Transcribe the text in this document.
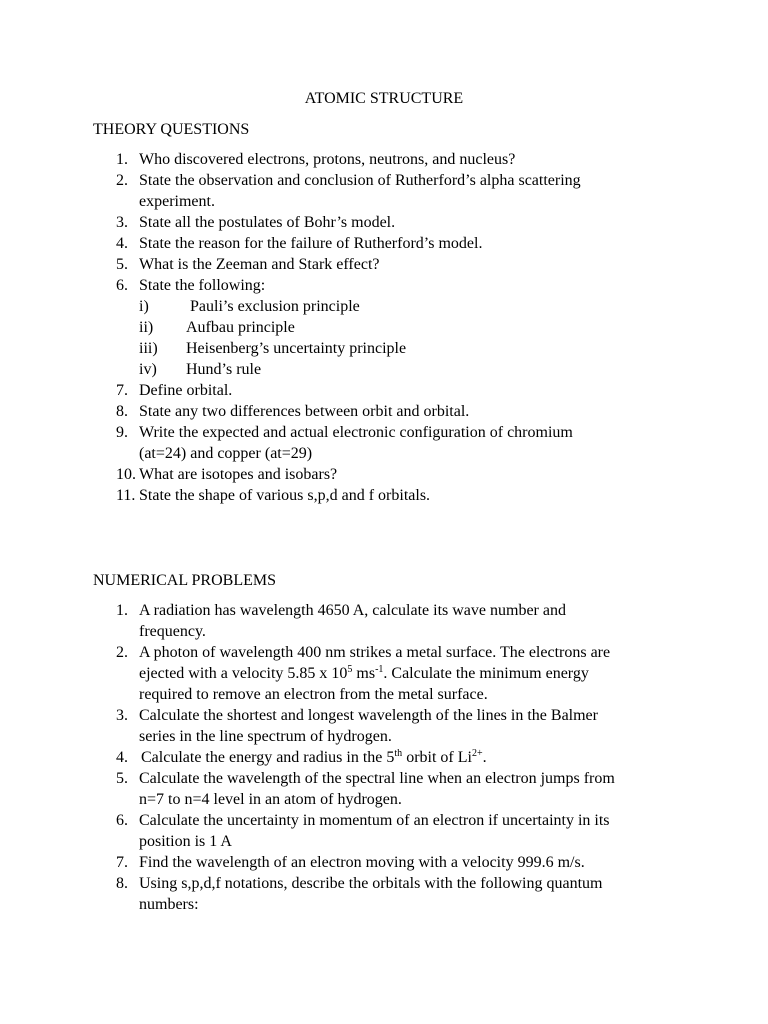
ATOMIC STRUCTURE
THEORY QUESTIONS
1. Who discovered electrons, protons, neutrons, and nucleus?
2. State the observation and conclusion of Rutherford’s alpha scattering experiment.
3. State all the postulates of Bohr’s model.
4. State the reason for the failure of Rutherford’s model.
5. What is the Zeeman and Stark effect?
6. State the following:
i)	Pauli’s exclusion principle
ii) Aufbau principle
iii) Heisenberg’s uncertainty principle
iv) Hund’s rule
7. Define orbital.
8. State any two differences between orbit and orbital.
9. Write the expected and actual electronic configuration of chromium (at=24) and copper (at=29)
10. What are isotopes and isobars?
11. State the shape of various s,p,d and f orbitals.
NUMERICAL PROBLEMS
1. A radiation has wavelength 4650 A, calculate its wave number and frequency.
2. A photon of wavelength 400 nm strikes a metal surface. The electrons are ejected with a velocity 5.85 x $10^5$ $ms^{-1}$. Calculate the minimum energy required to remove an electron from the metal surface.
3. Calculate the shortest and longest wavelength of the lines in the Balmer series in the line spectrum of hydrogen.
4. Calculate the energy and radius in the 5th orbit of $Li^{2+}$.
5. Calculate the wavelength of the spectral line when an electron jumps from n=7 to n=4 level in an atom of hydrogen.
6. Calculate the uncertainty in momentum of an electron if uncertainty in its position is 1 A
7. Find the wavelength of an electron moving with a velocity 999.6 m/s.
8. Using s,p,d,f notations, describe the orbitals with the following quantum numbers:
